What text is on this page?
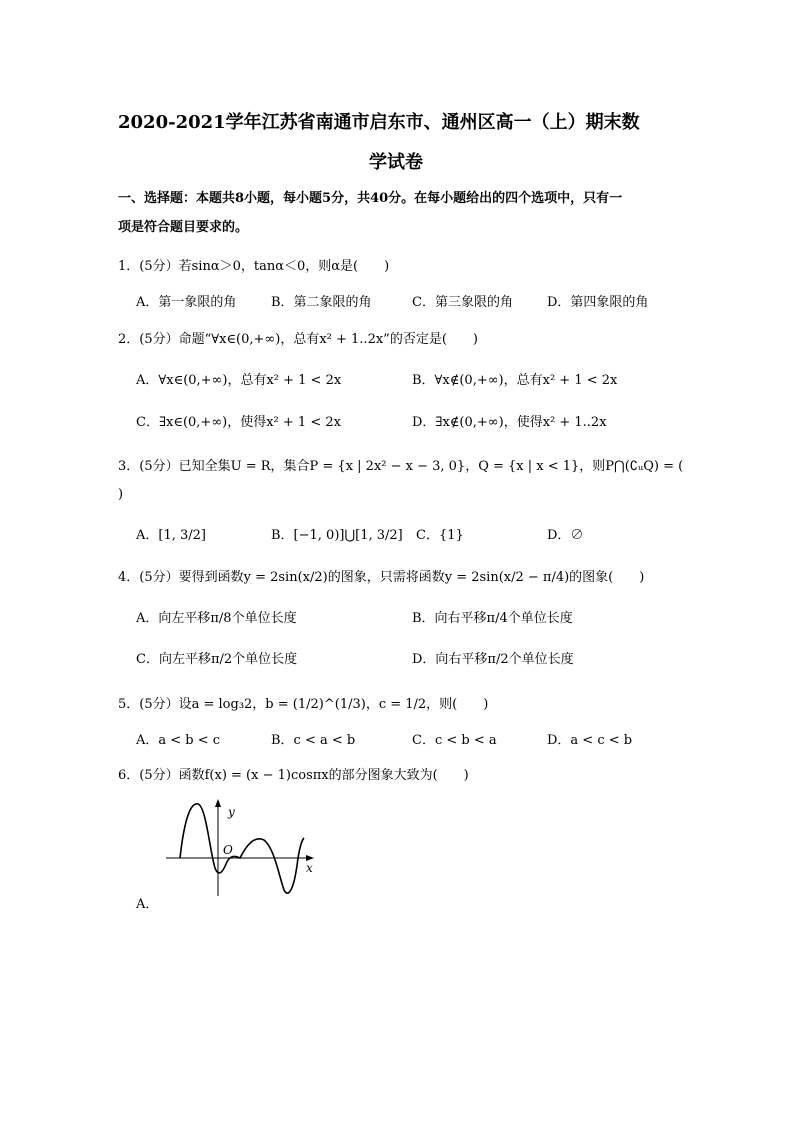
2020-2021学年江苏省南通市启东市、通州区高一（上）期末数
学试卷
一、选择题：本题共8小题，每小题5分，共40分。在每小题给出的四个选项中，只有一
项是符合题目要求的。
1．(5分）若sinα＞0，tanα＜0，则α是(　　)
A．第一象限的角	B．第二象限的角	C．第三象限的角	D．第四象限的角
2．(5分）命题“∀x∈(0,+∞)，总有x² + 1..2x”的否定是(　　)
A．∀x∈(0,+∞)，总有x² + 1 < 2x	B．∀x∉(0,+∞)，总有x² + 1 < 2x
C．∃x∈(0,+∞)，使得x² + 1 < 2x	D．∃x∉(0,+∞)，使得x² + 1..2x
3．(5分）已知全集U = R，集合P = {x | 2x² − x − 3, 0}，Q = {x | x < 1}，则P⋂(∁ᵤQ) = (
)
A．[1, 3/2]	B．[−1, 0)]⋃[1, 3/2] C．{1}	D．∅
4．(5分）要得到函数y = 2sin(x/2)的图象，只需将函数y = 2sin(x/2 − π/4)的图象(　　)
A．向左平移π/8个单位长度	B．向右平移π/4个单位长度
C．向左平移π/2个单位长度	D．向右平移π/2个单位长度
5．(5分）设a = log₃2，b = (1/2)^(1/3)，c = 1/2，则(　　)
A．a < b < c	B．c < a < b	C．c < b < a	D．a < c < b
6．(5分）函数f(x) = (x − 1)cosπx的部分图象大致为(　　)
y
x
O
A．
